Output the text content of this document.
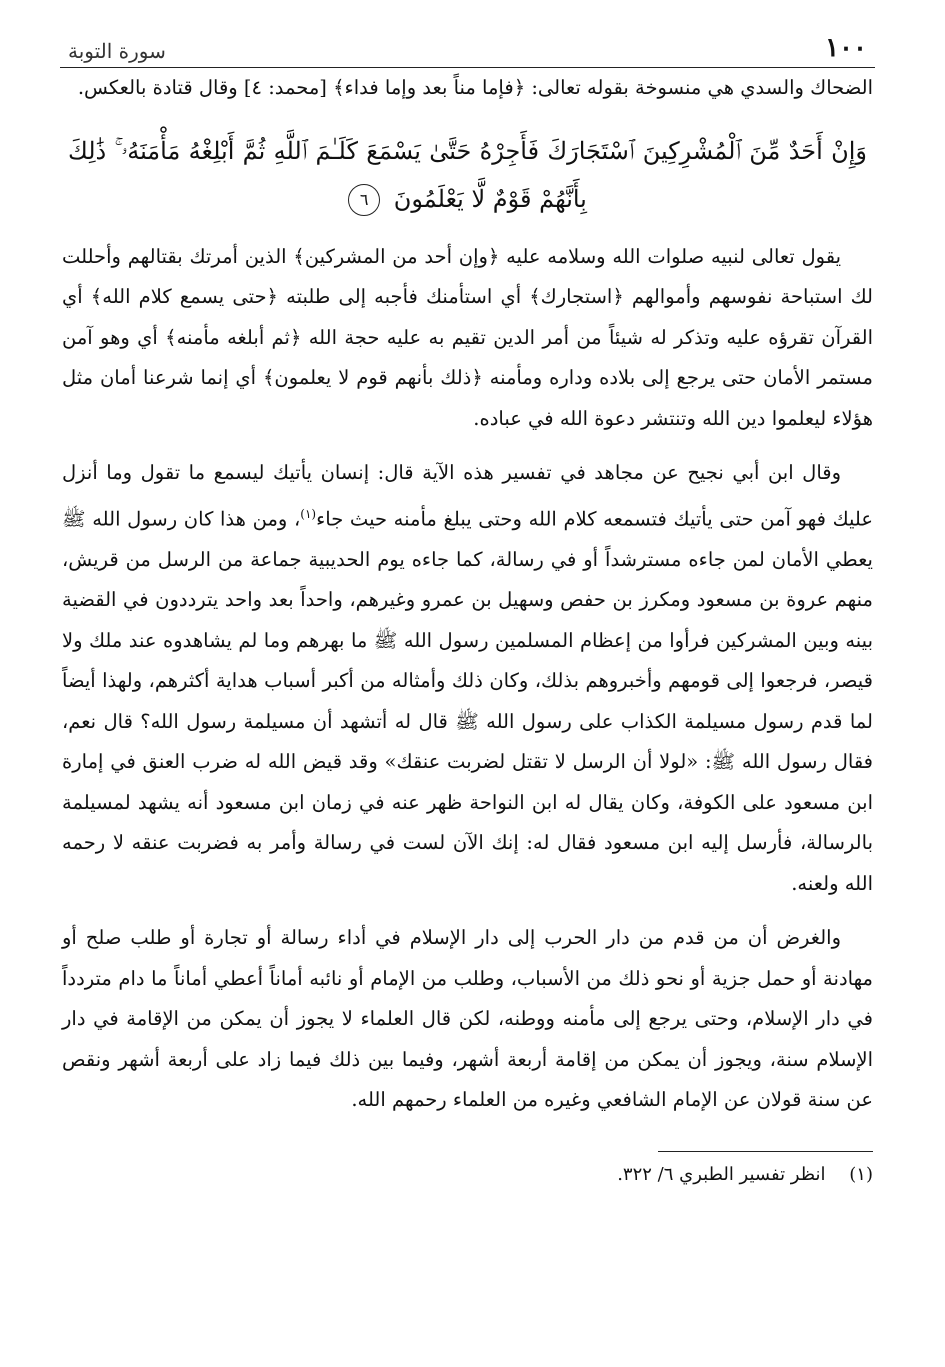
١٠٠
سورة التوبة

الضحاك والسدي هي منسوخة بقوله تعالى: ﴿فإما مناً بعد وإما فداء﴾ [محمد: ٤] وقال قتادة بالعكس.

وَإِنْ أَحَدٌ مِّنَ ٱلْمُشْرِكِينَ ٱسْتَجَارَكَ فَأَجِرْهُ حَتَّىٰ يَسْمَعَ كَلَـٰمَ ٱللَّهِ ثُمَّ أَبْلِغْهُ مَأْمَنَهُۥ ۚ ذَٰلِكَ بِأَنَّهُمْ قَوْمٌ لَّا يَعْلَمُونَ ٦

يقول تعالى لنبيه صلوات الله وسلامه عليه ﴿وإن أحد من المشركين﴾ الذين أمرتك بقتالهم وأحللت لك استباحة نفوسهم وأموالهم ﴿استجارك﴾ أي استأمنك فأجبه إلى طلبته ﴿حتى يسمع كلام الله﴾ أي القرآن تقرؤه عليه وتذكر له شيئاً من أمر الدين تقيم به عليه حجة الله ﴿ثم أبلغه مأمنه﴾ أي وهو آمن مستمر الأمان حتى يرجع إلى بلاده وداره ومأمنه ﴿ذلك بأنهم قوم لا يعلمون﴾ أي إنما شرعنا أمان مثل هؤلاء ليعلموا دين الله وتنتشر دعوة الله في عباده.

وقال ابن أبي نجيح عن مجاهد في تفسير هذه الآية قال: إنسان يأتيك ليسمع ما تقول وما أنزل عليك فهو آمن حتى يأتيك فتسمعه كلام الله وحتى يبلغ مأمنه حيث جاء$^{(١)}$، ومن هذا كان رسول الله ﷺ يعطي الأمان لمن جاءه مسترشداً أو في رسالة، كما جاءه يوم الحديبية جماعة من الرسل من قريش، منهم عروة بن مسعود ومكرز بن حفص وسهيل بن عمرو وغيرهم، واحداً بعد واحد يترددون في القضية بينه وبين المشركين فرأوا من إعظام المسلمين رسول الله ﷺ ما بهرهم وما لم يشاهدوه عند ملك ولا قيصر، فرجعوا إلى قومهم وأخبروهم بذلك، وكان ذلك وأمثاله من أكبر أسباب هداية أكثرهم، ولهذا أيضاً لما قدم رسول مسيلمة الكذاب على رسول الله ﷺ قال له أتشهد أن مسيلمة رسول الله؟ قال نعم، فقال رسول الله ﷺ: «لولا أن الرسل لا تقتل لضربت عنقك» وقد قيض الله له ضرب العنق في إمارة ابن مسعود على الكوفة، وكان يقال له ابن النواحة ظهر عنه في زمان ابن مسعود أنه يشهد لمسيلمة بالرسالة، فأرسل إليه ابن مسعود فقال له: إنك الآن لست في رسالة وأمر به فضربت عنقه لا رحمه الله ولعنه.

والغرض أن من قدم من دار الحرب إلى دار الإسلام في أداء رسالة أو تجارة أو طلب صلح أو مهادنة أو حمل جزية أو نحو ذلك من الأسباب، وطلب من الإمام أو نائبه أماناً أعطي أماناً ما دام متردداً في دار الإسلام، وحتى يرجع إلى مأمنه ووطنه، لكن قال العلماء لا يجوز أن يمكن من الإقامة في دار الإسلام سنة، ويجوز أن يمكن من إقامة أربعة أشهر، وفيما بين ذلك فيما زاد على أربعة أشهر ونقص عن سنة قولان عن الإمام الشافعي وغيره من العلماء رحمهم الله.

(١) انظر تفسير الطبري ٦/ ٣٢٢.
